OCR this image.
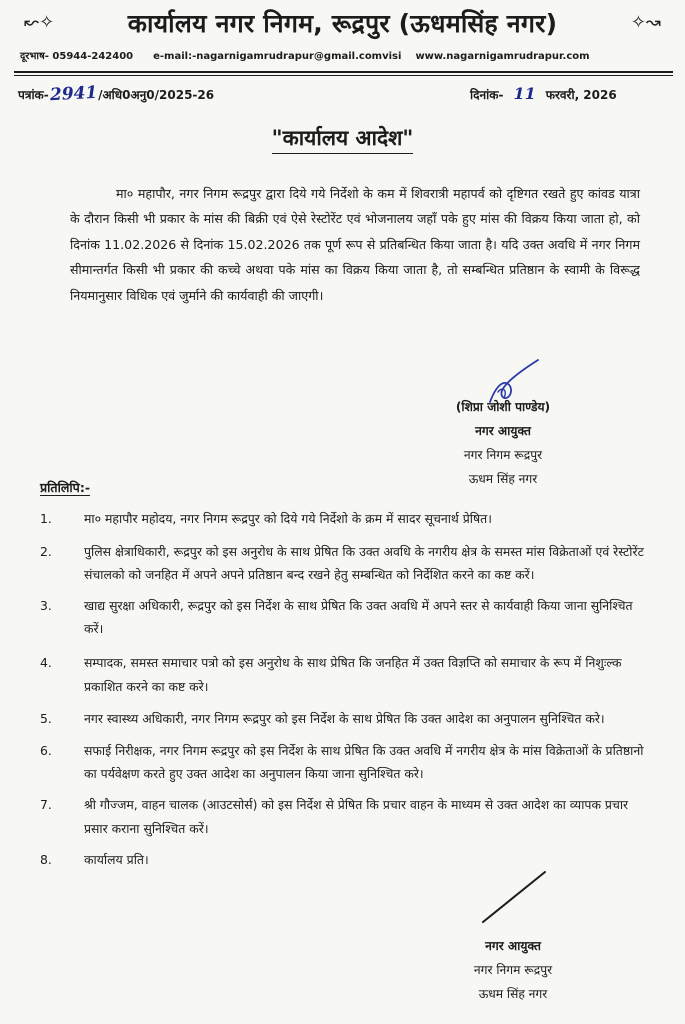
↜✧	कार्यालय नगर निगम, रूद्रपुर (ऊधमसिंह नगर)	✧↝
दूरभाष- 05944-242400 e-mail:-nagarnigamrudrapur@gmail.comvisi www.nagarnigamrudrapur.com
पत्रांक-2941/अधि0अनु0/2025-26	दिनांक- 11 फरवरी, 2026
"कार्यालय आदेश"
मा० महापौर, नगर निगम रूद्रपुर द्वारा दिये गये निर्देशो के कम में शिवरात्री महापर्व को दृष्टिगत रखते हुए कांवड यात्रा के दौरान किसी भी प्रकार के मांस की बिक्री एवं ऐसे रेस्टोरेंट एवं भोजनालय जहाँ पके हुए मांस की विक्रय किया जाता हो, को दिनांक 11.02.2026 से दिनांक 15.02.2026 तक पूर्ण रूप से प्रतिबन्धित किया जाता है। यदि उक्त अवधि में नगर निगम सीमान्तर्गत किसी भी प्रकार की कच्चे अथवा पके मांस का विक्रय किया जाता है, तो सम्बन्धित प्रतिष्ठान के स्वामी के विरूद्ध नियमानुसार विधिक एवं जुर्माने की कार्यवाही की जाएगी।
(शिप्रा जोशी पाण्डेय)
नगर आयुक्त
नगर निगम रूद्रपुर
ऊधम सिंह नगर
प्रतिलिपि:-
1.	मा० महापौर महोदय, नगर निगम रूद्रपुर को दिये गये निर्देशो के क्रम में सादर सूचनार्थ प्रेषित।
2.	पुलिस क्षेत्राधिकारी, रूद्रपुर को इस अनुरोध के साथ प्रेषित कि उक्त अवधि के नगरीय क्षेत्र के समस्त मांस विक्रेताओं एवं रेस्टोरेंट संचालको को जनहित में अपने अपने प्रतिष्ठान बन्द रखने हेतु सम्बन्धित को निर्देशित करने का कष्ट करें।
3.	खाद्य सुरक्षा अधिकारी, रूद्रपुर को इस निर्देश के साथ प्रेषित कि उक्त अवधि में अपने स्तर से कार्यवाही किया जाना सुनिश्चित करें।
4.	सम्पादक, समस्त समाचार पत्रो को इस अनुरोध के साथ प्रेषित कि जनहित में उक्त विज्ञप्ति को समाचार के रूप में निशुःल्क प्रकाशित करने का कष्ट करे।
5.	नगर स्वास्थ्य अधिकारी, नगर निगम रूद्रपुर को इस निर्देश के साथ प्रेषित कि उक्त आदेश का अनुपालन सुनिश्चित करे।
6.	सफाई निरीक्षक, नगर निगम रूद्रपुर को इस निर्देश के साथ प्रेषित कि उक्त अवधि में नगरीय क्षेत्र के मांस विक्रेताओं के प्रतिष्ठानो का पर्यवेक्षण करते हुए उक्त आदेश का अनुपालन किया जाना सुनिश्चित करे।
7.	श्री गौज्जम, वाहन चालक (आउटसोर्स) को इस निर्देश से प्रेषित कि प्रचार वाहन के माध्यम से उक्त आदेश का व्यापक प्रचार प्रसार कराना सुनिश्चित करें।
8.	कार्यालय प्रति।
नगर आयुक्त
नगर निगम रूद्रपुर
ऊधम सिंह नगर
